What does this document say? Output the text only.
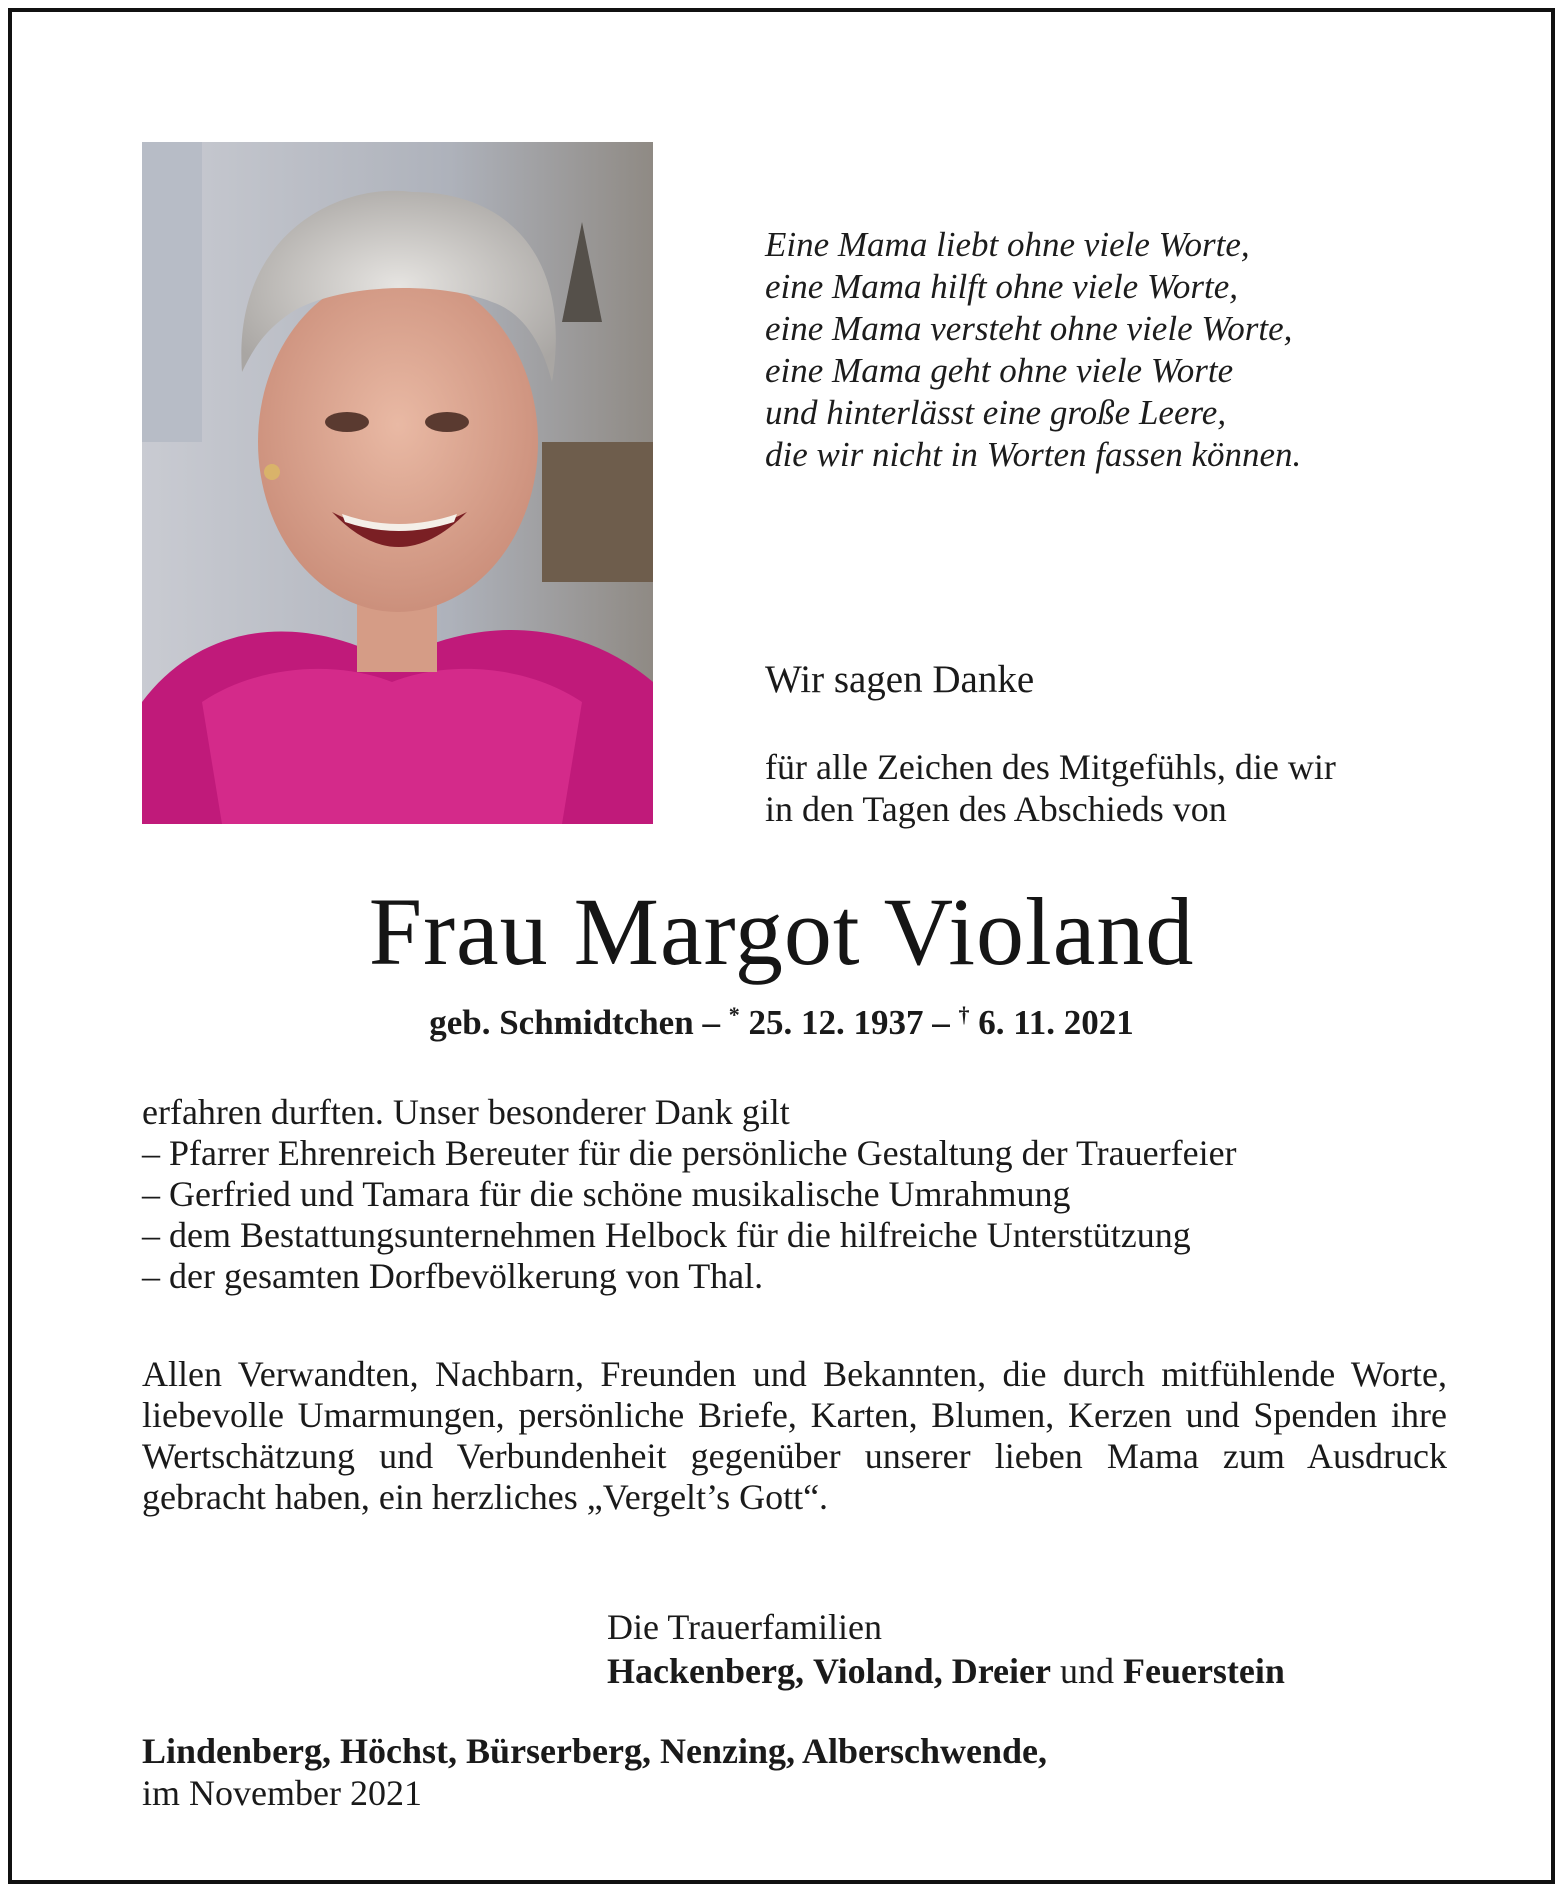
Eine Mama liebt ohne viele Worte,
eine Mama hilft ohne viele Worte,
eine Mama versteht ohne viele Worte,
eine Mama geht ohne viele Worte
und hinterlässt eine große Leere,
die wir nicht in Worten fassen können.
Wir sagen Danke
für alle Zeichen des Mitgefühls, die wir
in den Tagen des Abschieds von
Frau Margot Violand
geb. Schmidtchen – * 25. 12. 1937 – † 6. 11. 2021
erfahren durften. Unser besonderer Dank gilt
– Pfarrer Ehrenreich Bereuter für die persönliche Gestaltung der Trauerfeier
– Gerfried und Tamara für die schöne musikalische Umrahmung
– dem Bestattungsunternehmen Helbock für die hilfreiche Unterstützung
– der gesamten Dorfbevölkerung von Thal.
Allen Verwandten, Nachbarn, Freunden und Bekannten, die durch mitfühlende Worte, liebevolle Umarmungen, persönliche Briefe, Karten, Blumen, Kerzen und Spenden ihre Wertschätzung und Verbundenheit gegenüber unserer lieben Mama zum Ausdruck gebracht haben, ein herzliches „Vergelt’s Gott“.
Die Trauerfamilien
Hackenberg, Violand, Dreier und Feuerstein
Lindenberg, Höchst, Bürserberg, Nenzing, Alberschwende,
im November 2021
